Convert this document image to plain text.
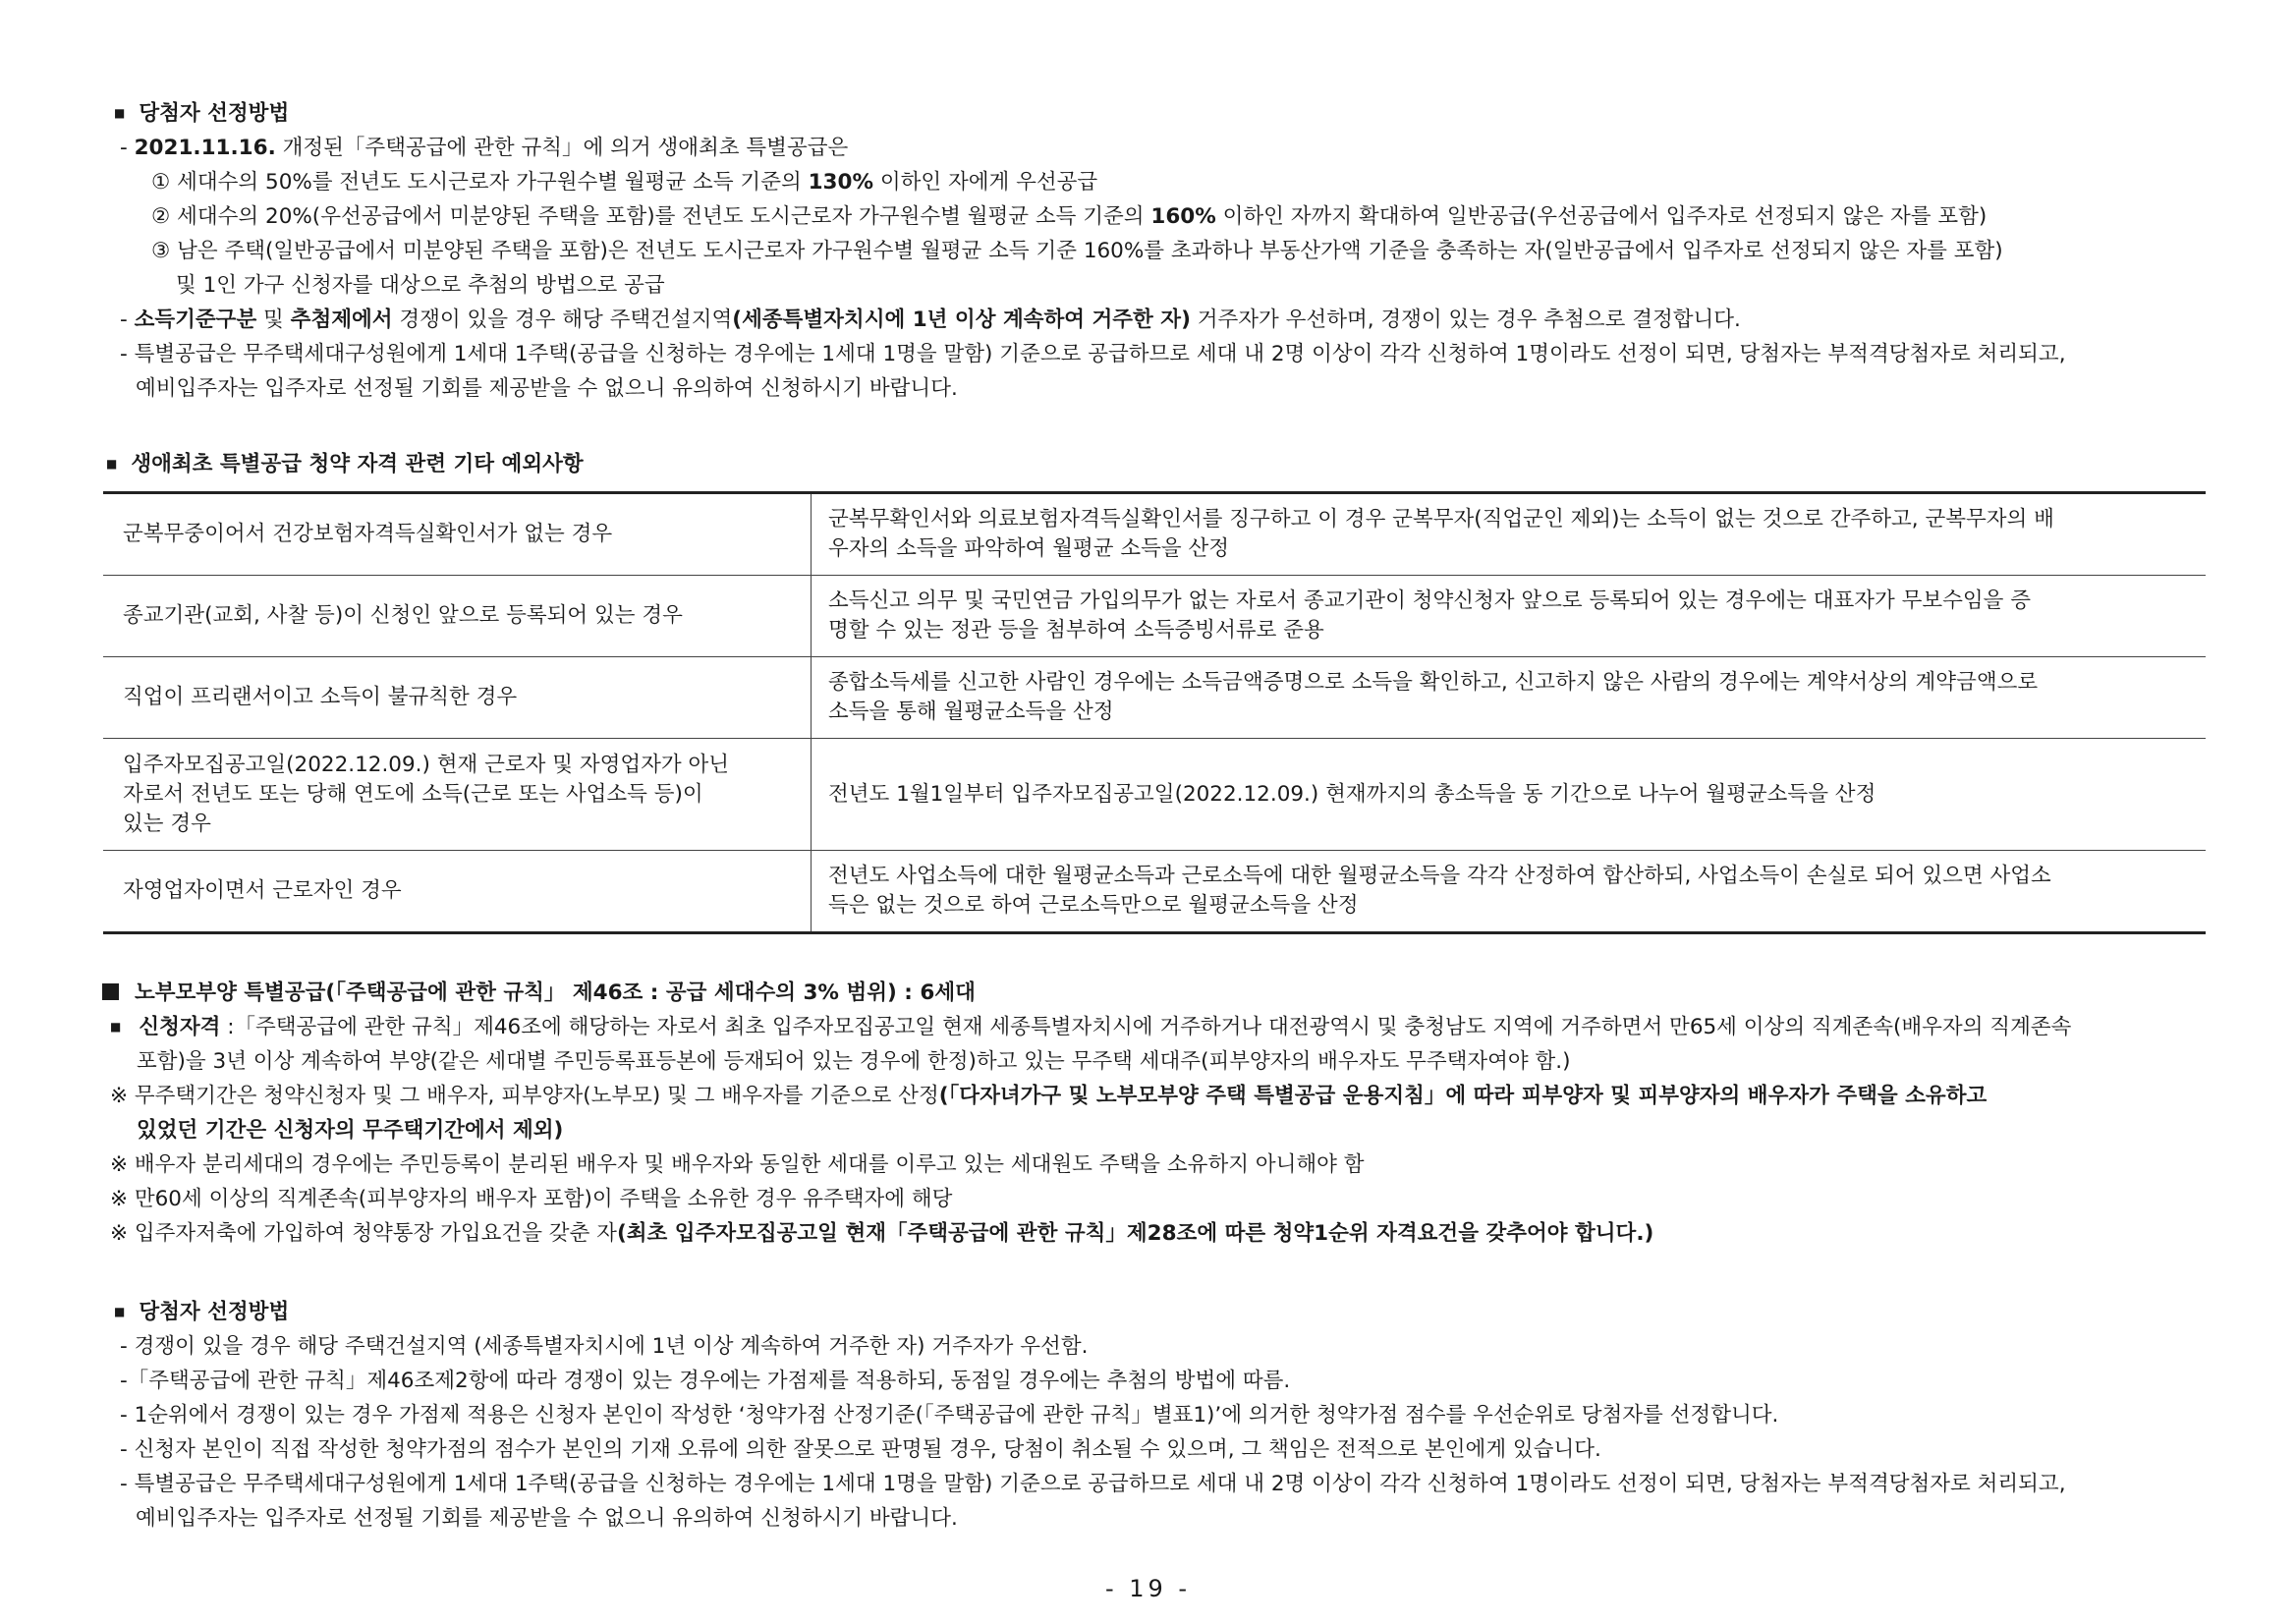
■ 당첨자 선정방법
- 2021.11.16. 개정된「주택공급에 관한 규칙」에 의거 생애최초 특별공급은
① 세대수의 50%를 전년도 도시근로자 가구원수별 월평균 소득 기준의 130% 이하인 자에게 우선공급
② 세대수의 20%(우선공급에서 미분양된 주택을 포함)를 전년도 도시근로자 가구원수별 월평균 소득 기준의 160% 이하인 자까지 확대하여 일반공급(우선공급에서 입주자로 선정되지 않은 자를 포함)
③ 남은 주택(일반공급에서 미분양된 주택을 포함)은 전년도 도시근로자 가구원수별 월평균 소득 기준 160%를 초과하나 부동산가액 기준을 충족하는 자(일반공급에서 입주자로 선정되지 않은 자를 포함)
및 1인 가구 신청자를 대상으로 추첨의 방법으로 공급
- 소득기준구분 및 추첨제에서 경쟁이 있을 경우 해당 주택건설지역(세종특별자치시에 1년 이상 계속하여 거주한 자) 거주자가 우선하며, 경쟁이 있는 경우 추첨으로 결정합니다.
- 특별공급은 무주택세대구성원에게 1세대 1주택(공급을 신청하는 경우에는 1세대 1명을 말함) 기준으로 공급하므로 세대 내 2명 이상이 각각 신청하여 1명이라도 선정이 되면, 당첨자는 부적격당첨자로 처리되고,
예비입주자는 입주자로 선정될 기회를 제공받을 수 없으니 유의하여 신청하시기 바랍니다.
■ 생애최초 특별공급 청약 자격 관련 기타 예외사항
군복무중이어서 건강보험자격득실확인서가 없는 경우	군복무확인서와 의료보험자격득실확인서를 징구하고 이 경우 군복무자(직업군인 제외)는 소득이 없는 것으로 간주하고, 군복무자의 배
우자의 소득을 파악하여 월평균 소득을 산정

종교기관(교회, 사찰 등)이 신청인 앞으로 등록되어 있는 경우	소득신고 의무 및 국민연금 가입의무가 없는 자로서 종교기관이 청약신청자 앞으로 등록되어 있는 경우에는 대표자가 무보수임을 증
명할 수 있는 정관 등을 첨부하여 소득증빙서류로 준용

직업이 프리랜서이고 소득이 불규칙한 경우	종합소득세를 신고한 사람인 경우에는 소득금액증명으로 소득을 확인하고, 신고하지 않은 사람의 경우에는 계약서상의 계약금액으로
소득을 통해 월평균소득을 산정

입주자모집공고일(2022.12.09.) 현재 근로자 및 자영업자가 아닌
자로서 전년도 또는 당해 연도에 소득(근로 또는 사업소득 등)이
있는 경우	전년도 1월1일부터 입주자모집공고일(2022.12.09.) 현재까지의 총소득을 동 기간으로 나누어 월평균소득을 산정

자영업자이면서 근로자인 경우	전년도 사업소득에 대한 월평균소득과 근로소득에 대한 월평균소득을 각각 산정하여 합산하되, 사업소득이 손실로 되어 있으면 사업소
득은 없는 것으로 하여 근로소득만으로 월평균소득을 산정
노부모부양 특별공급(「주택공급에 관한 규칙」 제46조 : 공급 세대수의 3% 범위) : 6세대
■ 신청자격 :「주택공급에 관한 규칙」제46조에 해당하는 자로서 최초 입주자모집공고일 현재 세종특별자치시에 거주하거나 대전광역시 및 충청남도 지역에 거주하면서 만65세 이상의 직계존속(배우자의 직계존속
포함)을 3년 이상 계속하여 부양(같은 세대별 주민등록표등본에 등재되어 있는 경우에 한정)하고 있는 무주택 세대주(피부양자의 배우자도 무주택자여야 함.)
※ 무주택기간은 청약신청자 및 그 배우자, 피부양자(노부모) 및 그 배우자를 기준으로 산정(「다자녀가구 및 노부모부양 주택 특별공급 운용지침」에 따라 피부양자 및 피부양자의 배우자가 주택을 소유하고
있었던 기간은 신청자의 무주택기간에서 제외)
※ 배우자 분리세대의 경우에는 주민등록이 분리된 배우자 및 배우자와 동일한 세대를 이루고 있는 세대원도 주택을 소유하지 아니해야 함
※ 만60세 이상의 직계존속(피부양자의 배우자 포함)이 주택을 소유한 경우 유주택자에 해당
※ 입주자저축에 가입하여 청약통장 가입요건을 갖춘 자(최초 입주자모집공고일 현재「주택공급에 관한 규칙」제28조에 따른 청약1순위 자격요건을 갖추어야 합니다.)
■ 당첨자 선정방법
- 경쟁이 있을 경우 해당 주택건설지역 (세종특별자치시에 1년 이상 계속하여 거주한 자) 거주자가 우선함.
-「주택공급에 관한 규칙」제46조제2항에 따라 경쟁이 있는 경우에는 가점제를 적용하되, 동점일 경우에는 추첨의 방법에 따름.
- 1순위에서 경쟁이 있는 경우 가점제 적용은 신청자 본인이 작성한 ‘청약가점 산정기준(「주택공급에 관한 규칙」별표1)’에 의거한 청약가점 점수를 우선순위로 당첨자를 선정합니다.
- 신청자 본인이 직접 작성한 청약가점의 점수가 본인의 기재 오류에 의한 잘못으로 판명될 경우, 당첨이 취소될 수 있으며, 그 책임은 전적으로 본인에게 있습니다.
- 특별공급은 무주택세대구성원에게 1세대 1주택(공급을 신청하는 경우에는 1세대 1명을 말함) 기준으로 공급하므로 세대 내 2명 이상이 각각 신청하여 1명이라도 선정이 되면, 당첨자는 부적격당첨자로 처리되고,
예비입주자는 입주자로 선정될 기회를 제공받을 수 없으니 유의하여 신청하시기 바랍니다.
- 19 -
